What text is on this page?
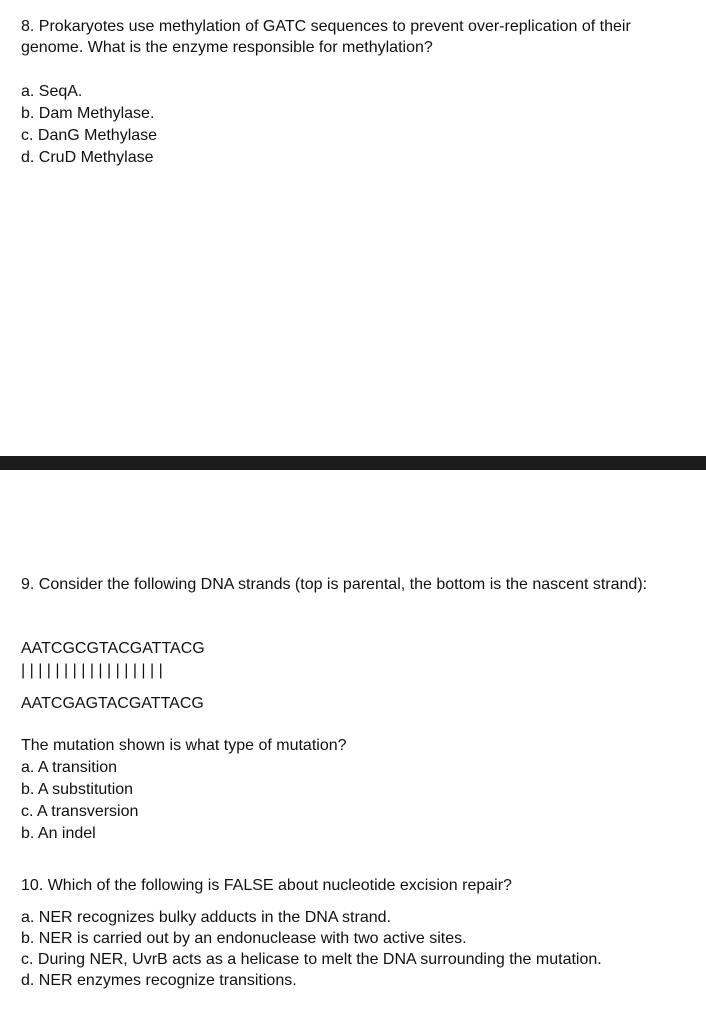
8. Prokaryotes use methylation of GATC sequences to prevent over-replication of their genome. What is the enzyme responsible for methylation?
a. SeqA.
b. Dam Methylase.
c. DanG Methylase
d. CruD Methylase
9. Consider the following DNA strands (top is parental, the bottom is the nascent strand):
AATCGCGTACGATTACG
| | | | | | | | | | | | | | | | |
AATCGAGTACGATTACG
The mutation shown is what type of mutation?
a. A transition
b. A substitution
c. A transversion
b. An indel
10. Which of the following is FALSE about nucleotide excision repair?
a. NER recognizes bulky adducts in the DNA strand.
b. NER is carried out by an endonuclease with two active sites.
c. During NER, UvrB acts as a helicase to melt the DNA surrounding the mutation.
d. NER enzymes recognize transitions.
